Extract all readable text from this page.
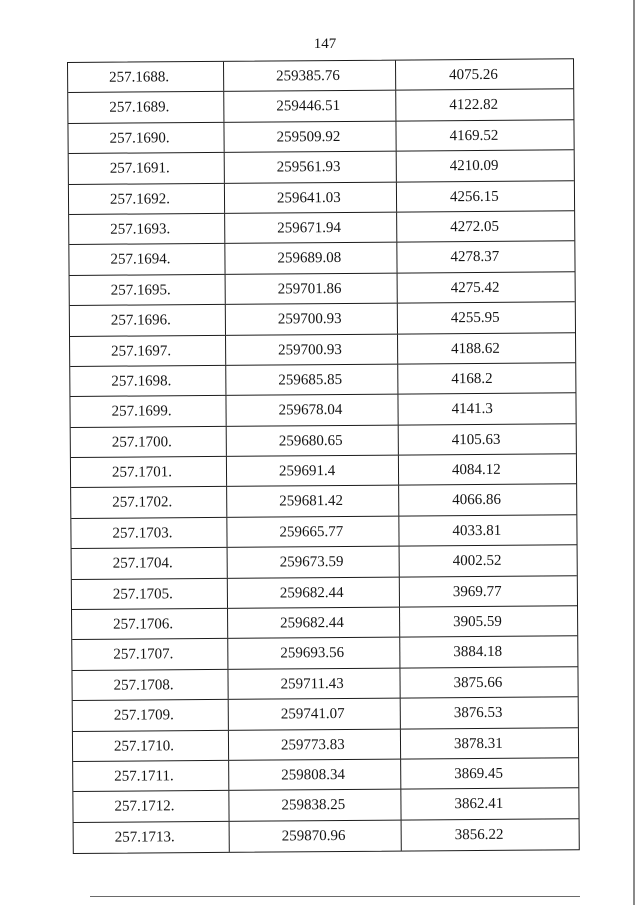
147
257.1688.	259385.76	4075.26
257.1689.	259446.51	4122.82
257.1690.	259509.92	4169.52
257.1691.	259561.93	4210.09
257.1692.	259641.03	4256.15
257.1693.	259671.94	4272.05
257.1694.	259689.08	4278.37
257.1695.	259701.86	4275.42
257.1696.	259700.93	4255.95
257.1697.	259700.93	4188.62
257.1698.	259685.85	4168.2
257.1699.	259678.04	4141.3
257.1700.	259680.65	4105.63
257.1701.	259691.4	4084.12
257.1702.	259681.42	4066.86
257.1703.	259665.77	4033.81
257.1704.	259673.59	4002.52
257.1705.	259682.44	3969.77
257.1706.	259682.44	3905.59
257.1707.	259693.56	3884.18
257.1708.	259711.43	3875.66
257.1709.	259741.07	3876.53
257.1710.	259773.83	3878.31
257.1711.	259808.34	3869.45
257.1712.	259838.25	3862.41
257.1713.	259870.96	3856.22
